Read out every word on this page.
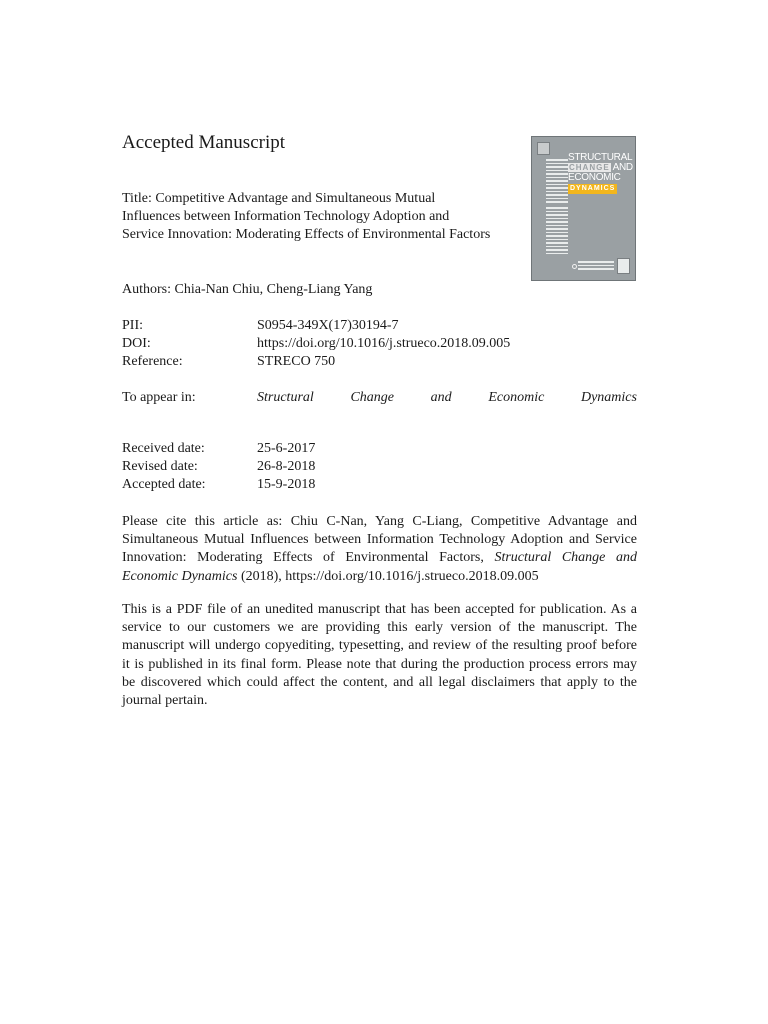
Accepted Manuscript
STRUCTURAL
CHANGE AND
ECONOMIC
DYNAMICS
Title: Competitive Advantage and Simultaneous Mutual Influences between Information Technology Adoption and Service Innovation: Moderating Effects of Environmental Factors
Authors: Chia-Nan Chiu, Cheng-Liang Yang
PII:	S0954-349X(17)30194-7
DOI:	https://doi.org/10.1016/j.strueco.2018.09.005
Reference:	STRECO 750
To appear in:	Structural	Change	and	Economic	Dynamics
Received date:	25-6-2017
Revised date:	26-8-2018
Accepted date:	15-9-2018
Please cite this article as: Chiu C-Nan, Yang C-Liang, Competitive Advantage and Simultaneous Mutual Influences between Information Technology Adoption and Service Innovation: Moderating Effects of Environmental Factors, Structural Change and Economic Dynamics (2018), https://doi.org/10.1016/j.strueco.2018.09.005
This is a PDF file of an unedited manuscript that has been accepted for publication. As a service to our customers we are providing this early version of the manuscript. The manuscript will undergo copyediting, typesetting, and review of the resulting proof before it is published in its final form. Please note that during the production process errors may be discovered which could affect the content, and all legal disclaimers that apply to the journal pertain.
